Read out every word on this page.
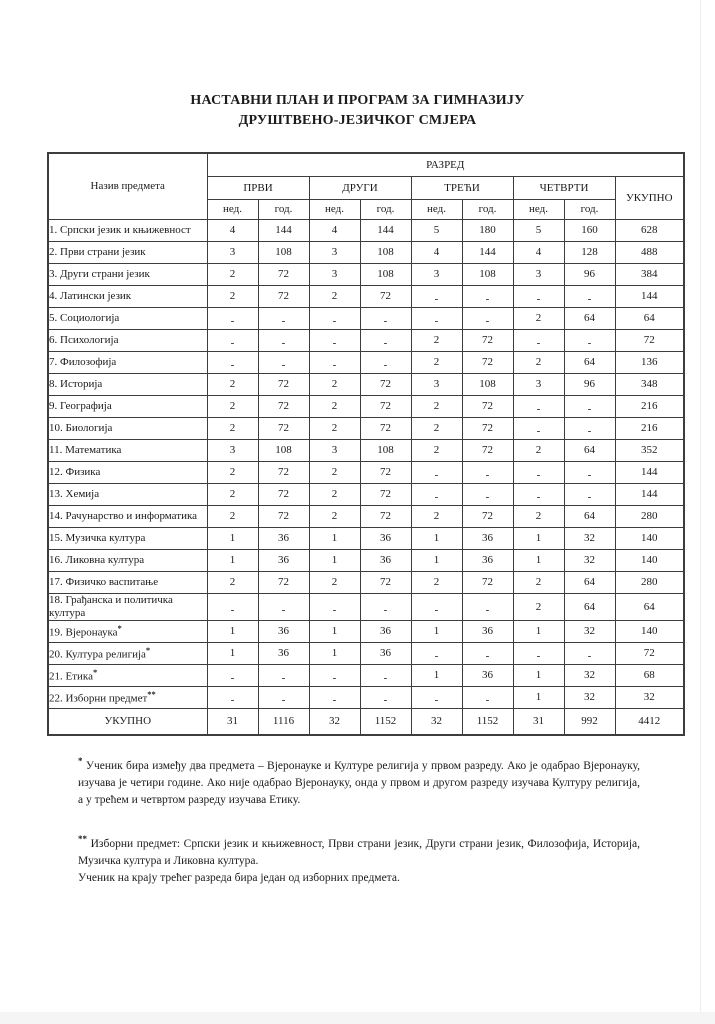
НАСТАВНИ ПЛАН И ПРОГРАМ ЗА ГИМНАЗИЈУ
ДРУШТВЕНО-ЈЕЗИЧКОГ СМЈЕРА
Назив предмета	РАЗРЕД								
	ПРВИ		ДРУГИ		ТРЕЋИ		ЧЕТВРТИ		УКУПНО
	нед.	год.	нед.	год.	нед.	год.	нед.	год.	
1. Српски језик и књижевност	4	144	4	144	5	180	5	160	628
2. Први страни језик	3	108	3	108	4	144	4	128	488
3. Други страни језик	2	72	3	108	3	108	3	96	384
4. Латински језик	2	72	2	72	-	-	-	-	144
5. Социологија	-	-	-	-	-	-	2	64	64
6. Психологија	-	-	-	-	2	72	-	-	72
7. Филозофија	-	-	-	-	2	72	2	64	136
8. Историја	2	72	2	72	3	108	3	96	348
9. Географија	2	72	2	72	2	72	-	-	216
10. Биологија	2	72	2	72	2	72	-	-	216
11. Математика	3	108	3	108	2	72	2	64	352
12. Физика	2	72	2	72	-	-	-	-	144
13. Хемија	2	72	2	72	-	-	-	-	144
14. Рачунарство и информатика	2	72	2	72	2	72	2	64	280
15. Музичка култура	1	36	1	36	1	36	1	32	140
16. Ликовна култура	1	36	1	36	1	36	1	32	140
17. Физичко васпитање	2	72	2	72	2	72	2	64	280
18. Грађанска и политичка култура	-	-	-	-	-	-	2	64	64
19. Вјеронаука*	1	36	1	36	1	36	1	32	140
20. Култура религија*	1	36	1	36	-	-	-	-	72
21. Етика*	-	-	-	-	1	36	1	32	68
22. Изборни предмет**	-	-	-	-	-	-	1	32	32
УКУПНО	31	1116	32	1152	32	1152	31	992	4412

* Ученик бира између два предмета – Вјеронауке и Културе религија у првом разреду. Ако је одабрао Вјеронауку, изучава је четири године. Ако није одабрао Вјеронауку, онда у првом и другом разреду изучава Културу религија, а у трећем и четвртом разреду изучава Етику.

** Изборни предмет: Српски језик и књижевност, Први страни језик, Други страни језик, Филозофија, Историја, Музичка култура и Ликовна култура.
Ученик на крају трећег разреда бира један од изборних предмета.
